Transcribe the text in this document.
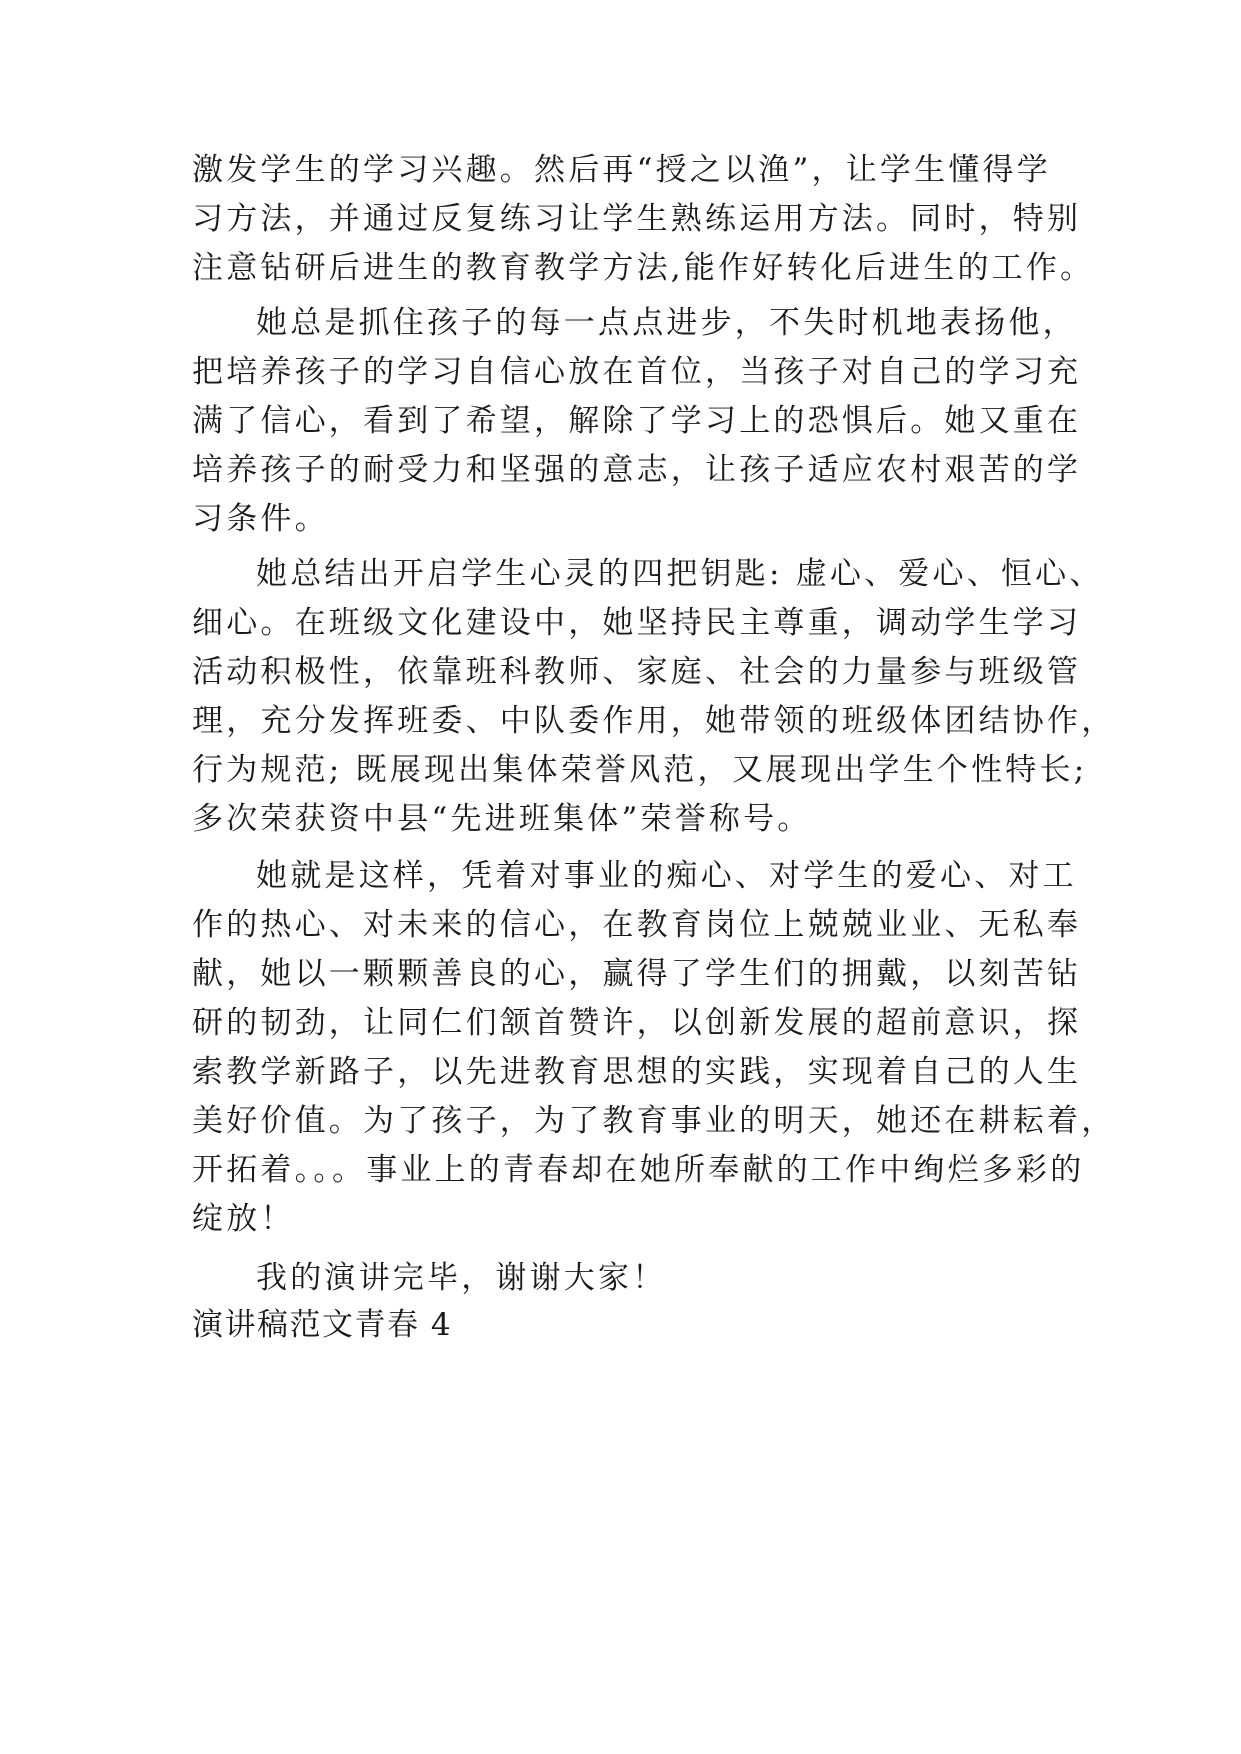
激发学生的学习兴趣。然后再“授之以渔”，让学生懂得学
习方法，并通过反复练习让学生熟练运用方法。同时，特别
注意钻研后进生的教育教学方法,能作好转化后进生的工作。
她总是抓住孩子的每一点点进步，不失时机地表扬他，
把培养孩子的学习自信心放在首位，当孩子对自己的学习充
满了信心，看到了希望，解除了学习上的恐惧后。她又重在
培养孩子的耐受力和坚强的意志，让孩子适应农村艰苦的学
习条件。
她总结出开启学生心灵的四把钥匙: 虚心、爱心、恒心、
细心。在班级文化建设中，她坚持民主尊重，调动学生学习
活动积极性，依靠班科教师、家庭、社会的力量参与班级管
理，充分发挥班委、中队委作用，她带领的班级体团结协作，
行为规范; 既展现出集体荣誉风范，又展现出学生个性特长;
多次荣获资中县“先进班集体”荣誉称号。
她就是这样，凭着对事业的痴心、对学生的爱心、对工
作的热心、对未来的信心，在教育岗位上兢兢业业、无私奉
献，她以一颗颗善良的心，赢得了学生们的拥戴，以刻苦钻
研的韧劲，让同仁们颔首赞许，以创新发展的超前意识，探
索教学新路子，以先进教育思想的实践，实现着自己的人生
美好价值。为了孩子，为了教育事业的明天，她还在耕耘着，
开拓着。。。事业上的青春却在她所奉献的工作中绚烂多彩的
绽放！
我的演讲完毕，谢谢大家！
演讲稿范文青春 4
